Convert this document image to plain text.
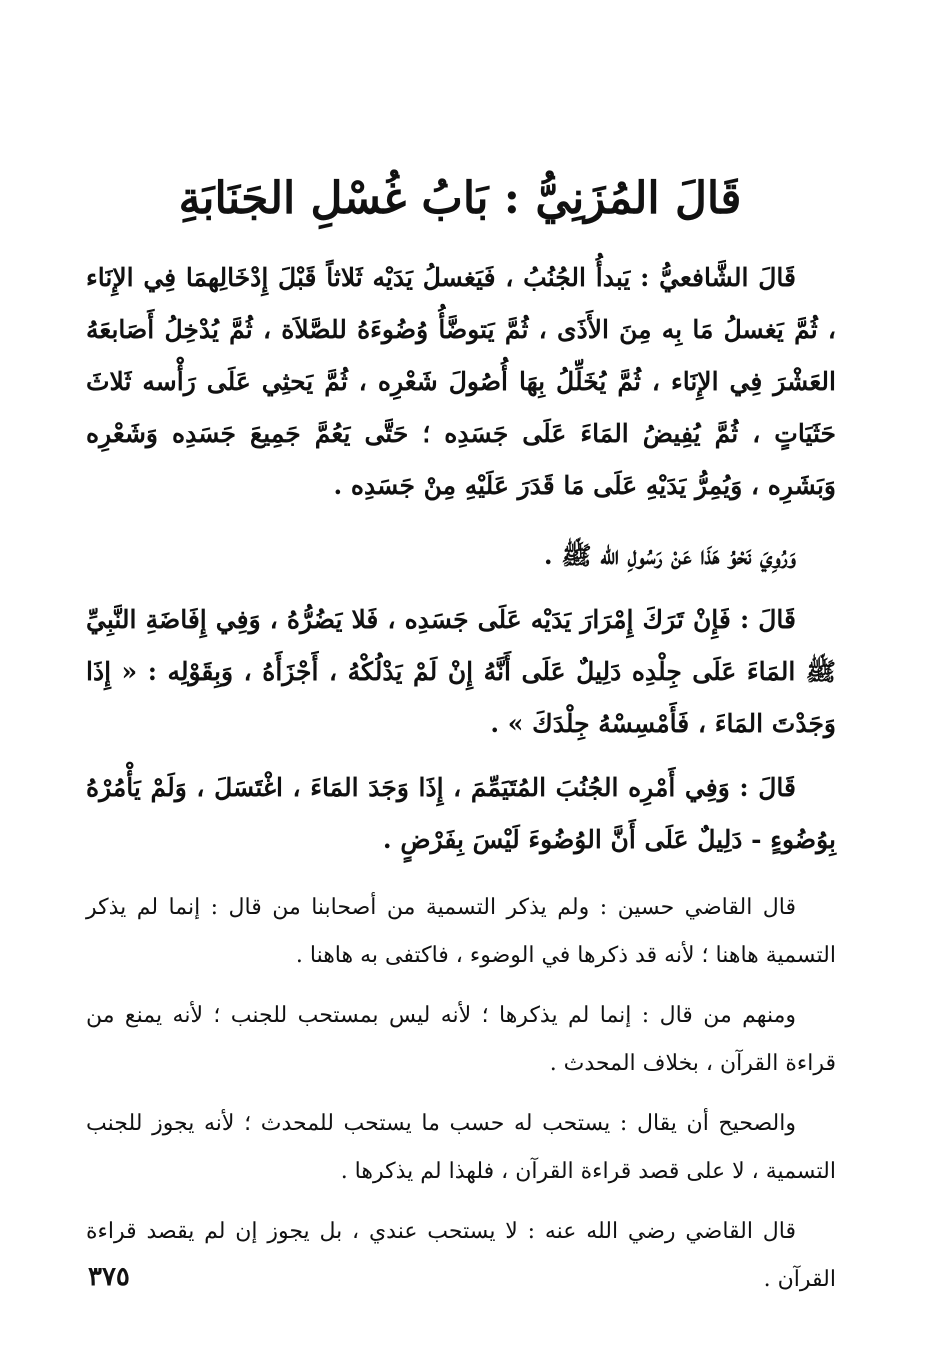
قَالَ المُزَنِيُّ : بَابُ غُسْلِ الجَنَابَةِ

قَالَ الشَّافعيُّ : يَبدأُ الجُنُبُ ، فَيَغسلُ يَدَيْه ثَلاثاً قَبْلَ إِدْخَالِهمَا فِي الإِنَاء ، ثُمَّ يَغسلُ مَا بِه مِنَ الأَذَى ، ثُمَّ يَتوضَّأُ وُضُوءَهُ للصَّلاَة ، ثُمَّ يُدْخِلُ أَصَابعَهُ العَشْرَ فِي الإِنَاء ، ثُمَّ يُخَلِّلُ بِهَا أُصُولَ شَعْرِه ، ثُمَّ يَحثِي عَلَى رَأْسه ثَلاثَ حَثَيَاتٍ ، ثُمَّ يُفِيضُ المَاءَ عَلَى جَسَدِه ؛ حَتَّى يَعُمَّ جَمِيعَ جَسَدِه وَشَعْرِه وَبَشَرِه ، وَيُمِرُّ يَدَيْهِ عَلَى مَا قَدَرَ عَلَيْهِ مِنْ جَسَدِه .

وَرُوِيَ نَحْوُ هَذَا عَنْ رَسُولِ الله ﷺ .

قَالَ : فَإِنْ تَرَكَ إِمْرَارَ يَدَيْه عَلَى جَسَدِه ، فَلا يَضُرُّهُ ، وَفِي إِفَاضَةِ النَّبِيِّ ﷺ المَاءَ عَلَى جِلْدِه دَلِيلٌ عَلَى أَنَّهُ إِنْ لَمْ يَدْلُكْهُ ، أَجْزَأَهُ ، وَبِقَوْلِه : « إِذَا وَجَدْتَ المَاءَ ، فَأَمْسِسْهُ جِلْدَكَ » .

قَالَ : وَفِي أَمْرِه الجُنُبَ المُتَيَمِّمَ ، إِذَا وَجَدَ المَاءَ ، اغْتَسَلَ ، وَلَمْ يَأْمُرْهُ بِوُضُوءٍ - دَلِيلٌ عَلَى أَنَّ الوُضُوءَ لَيْسَ بِفَرْضٍ .

قال القاضي حسين : ولم يذكر التسمية من أصحابنا من قال : إنما لم يذكر التسمية هاهنا ؛ لأنه قد ذكرها في الوضوء ، فاكتفى به هاهنا .

ومنهم من قال : إنما لم يذكرها ؛ لأنه ليس بمستحب للجنب ؛ لأنه يمنع من قراءة القرآن ، بخلاف المحدث .

والصحيح أن يقال : يستحب له حسب ما يستحب للمحدث ؛ لأنه يجوز للجنب التسمية ، لا على قصد قراءة القرآن ، فلهذا لم يذكرها .

قال القاضي رضي الله عنه : لا يستحب عندي ، بل يجوز إن لم يقصد قراءة القرآن .

٣٧٥
